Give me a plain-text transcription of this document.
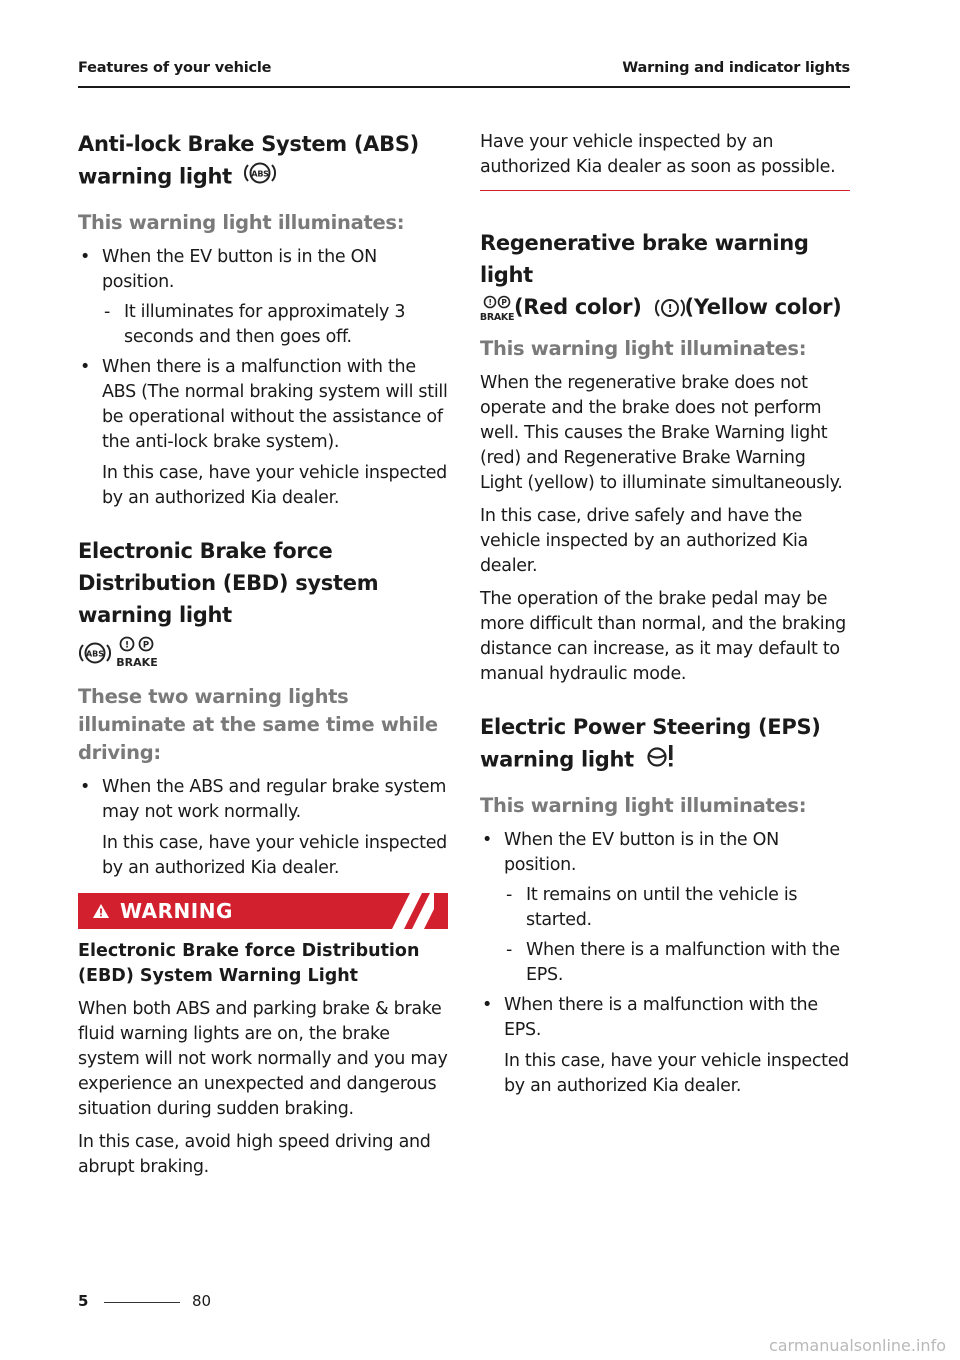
Features of your vehicle	Warning and indicator lights
Anti-lock Brake System (ABS) warning light ABS
This warning light illuminates:
• When the EV button is in the ON position.
- It illuminates for approximately 3 seconds and then goes off.
• When there is a malfunction with the ABS (The normal braking system will still be operational without the assistance of the anti-lock brake system).

In this case, have your vehicle inspected by an authorized Kia dealer.

Electronic Brake force Distribution (EBD) system warning light
ABS
! P
BRAKE
These two warning lights illuminate at the same time while driving:
• When the ABS and regular brake system may not work normally.

In this case, have your vehicle inspected by an authorized Kia dealer.

WARNING
Electronic Brake force Distribution (EBD) System Warning Light

When both ABS and parking brake & brake fluid warning lights are on, the brake system will not work normally and you may experience an unexpected and dangerous situation during sudden braking.

In this case, avoid high speed driving and abrupt braking.

Have your vehicle inspected by an authorized Kia dealer as soon as possible.

Regenerative brake warning light

! P
BRAKE (Red color) ! (Yellow color)
This warning light illuminates:

When the regenerative brake does not operate and the brake does not perform well. This causes the Brake Warning light (red) and Regenerative Brake Warning Light (yellow) to illuminate simultaneously.

In this case, drive safely and have the vehicle inspected by an authorized Kia dealer.

The operation of the brake pedal may be more difficult than normal, and the braking distance can increase, as it may default to manual hydraulic mode.

Electric Power Steering (EPS) warning light
This warning light illuminates:
• When the EV button is in the ON position.
- It remains on until the vehicle is started.
- When there is a malfunction with the EPS.
• When there is a malfunction with the EPS.

In this case, have your vehicle inspected by an authorized Kia dealer.

5	80
carmanualsonline.info
